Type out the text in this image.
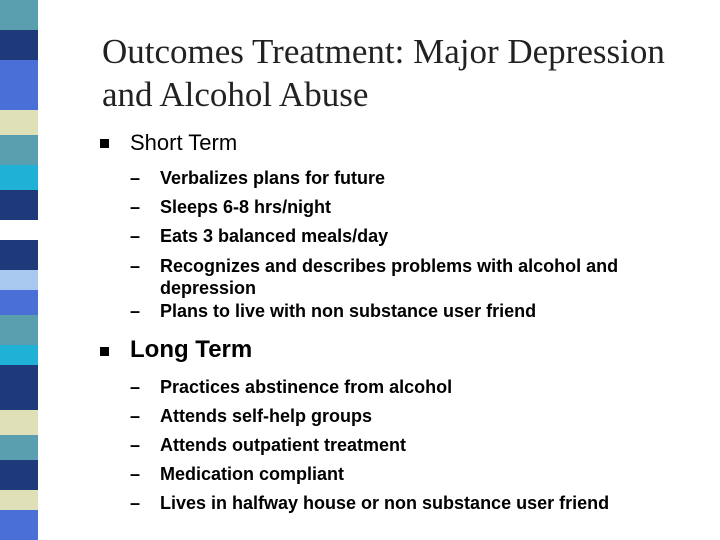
Outcomes Treatment: Major Depression and Alcohol Abuse
Short Term
– Verbalizes plans for future
– Sleeps 6-8 hrs/night
– Eats 3 balanced meals/day
– Recognizes and describes problems with alcohol and depression
– Plans to live with non substance user friend
Long Term
– Practices abstinence from alcohol
– Attends self-help groups
– Attends outpatient treatment
– Medication compliant
– Lives in halfway house or non substance user friend
